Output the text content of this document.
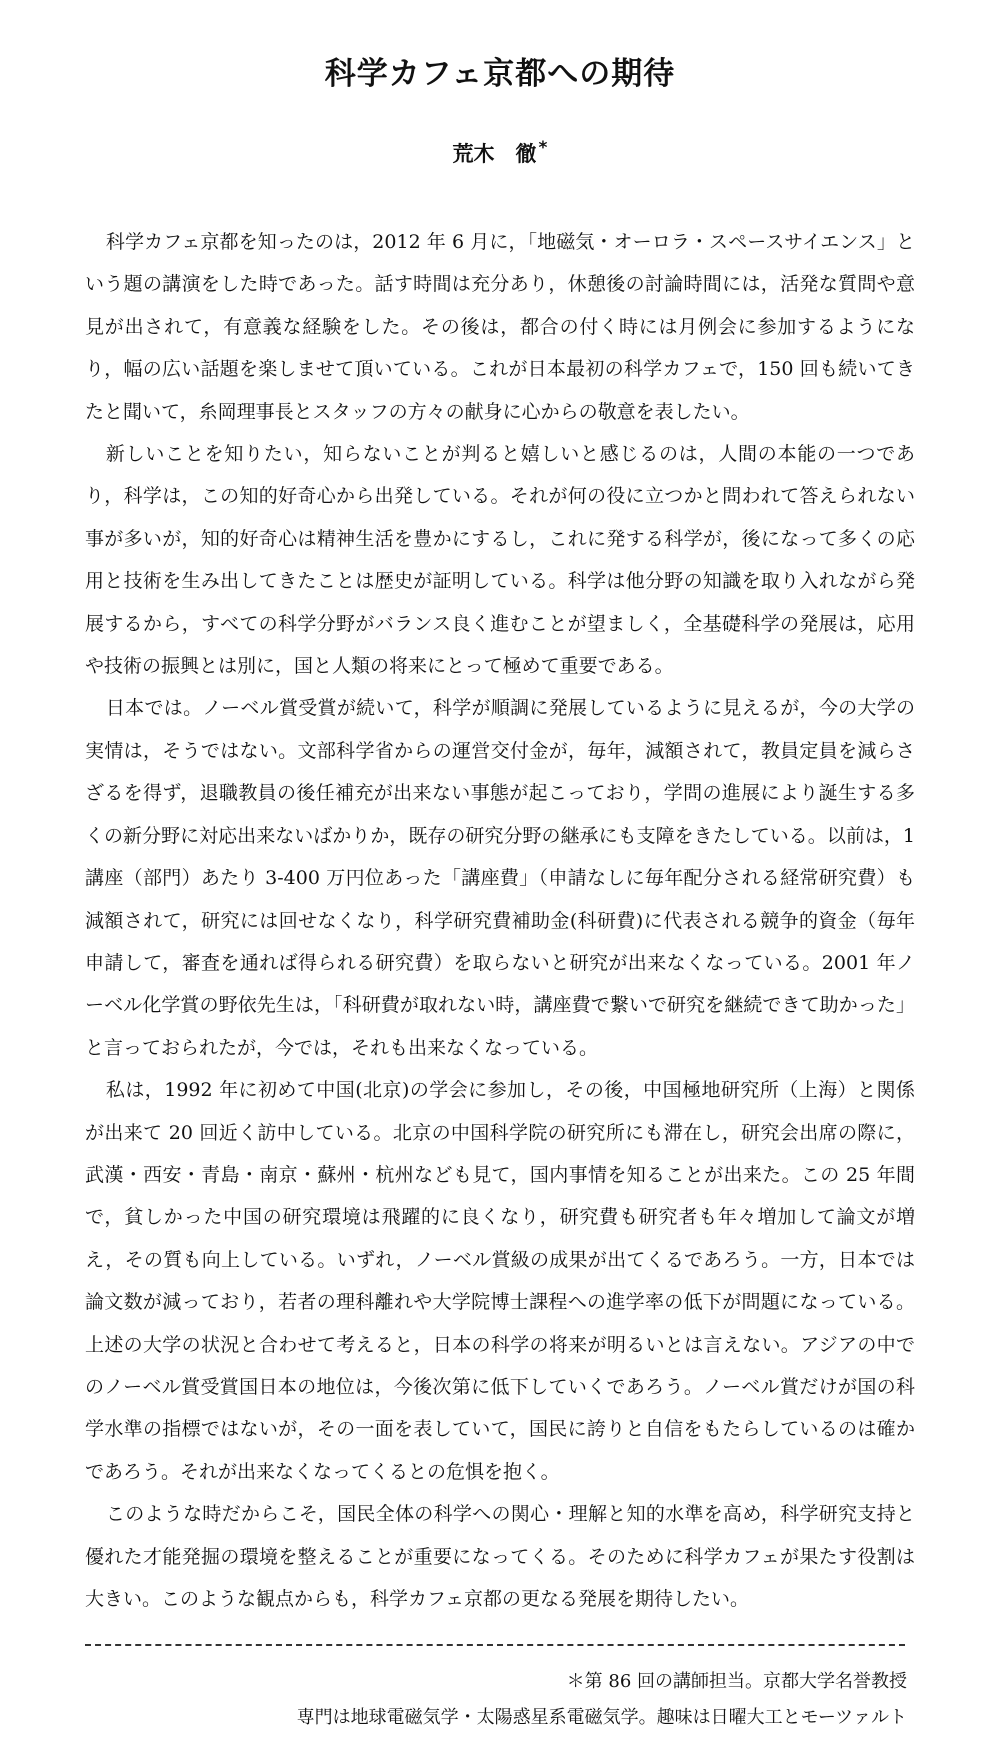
科学カフェ京都への期待
荒木　徹 *

科学カフェ京都を知ったのは，2012 年 6 月に，「地磁気・オーロラ・スペースサイエンス」という題の講演をした時であった。話す時間は充分あり，休憩後の討論時間には，活発な質問や意見が出されて，有意義な経験をした。その後は，都合の付く時には月例会に参加するようになり，幅の広い話題を楽しませて頂いている。これが日本最初の科学カフェで，150 回も続いてきたと聞いて，糸岡理事長とスタッフの方々の献身に心からの敬意を表したい。

新しいことを知りたい，知らないことが判ると嬉しいと感じるのは，人間の本能の一つであり，科学は，この知的好奇心から出発している。それが何の役に立つかと問われて答えられない事が多いが，知的好奇心は精神生活を豊かにするし，これに発する科学が，後になって多くの応用と技術を生み出してきたことは歴史が証明している。科学は他分野の知識を取り入れながら発展するから，すべての科学分野がバランス良く進むことが望ましく，全基礎科学の発展は，応用や技術の振興とは別に，国と人類の将来にとって極めて重要である。

日本では。ノーベル賞受賞が続いて，科学が順調に発展しているように見えるが，今の大学の実情は，そうではない。文部科学省からの運営交付金が，毎年，減額されて，教員定員を減らさざるを得ず，退職教員の後任補充が出来ない事態が起こっており，学問の進展により誕生する多くの新分野に対応出来ないばかりか，既存の研究分野の継承にも支障をきたしている。以前は，1 講座（部門）あたり 3-400 万円位あった「講座費」（申請なしに毎年配分される経常研究費）も減額されて，研究には回せなくなり，科学研究費補助金(科研費)に代表される競争的資金（毎年申請して，審査を通れば得られる研究費）を取らないと研究が出来なくなっている。2001 年ノーベル化学賞の野依先生は，「科研費が取れない時，講座費で繋いで研究を継続できて助かった」と言っておられたが，今では，それも出来なくなっている。

私は，1992 年に初めて中国(北京)の学会に参加し，その後，中国極地研究所（上海）と関係が出来て 20 回近く訪中している。北京の中国科学院の研究所にも滞在し，研究会出席の際に，武漢・西安・青島・南京・蘇州・杭州なども見て，国内事情を知ることが出来た。この 25 年間で，貧しかった中国の研究環境は飛躍的に良くなり，研究費も研究者も年々増加して論文が増え，その質も向上している。いずれ，ノーベル賞級の成果が出てくるであろう。一方，日本では論文数が減っており，若者の理科離れや大学院博士課程への進学率の低下が問題になっている。上述の大学の状況と合わせて考えると，日本の科学の将来が明るいとは言えない。アジアの中でのノーベル賞受賞国日本の地位は，今後次第に低下していくであろう。ノーベル賞だけが国の科学水準の指標ではないが，その一面を表していて，国民に誇りと自信をもたらしているのは確かであろう。それが出来なくなってくるとの危惧を抱く。

このような時だからこそ，国民全体の科学への関心・理解と知的水準を高め，科学研究支持と優れた才能発掘の環境を整えることが重要になってくる。そのために科学カフェが果たす役割は大きい。このような観点からも，科学カフェ京都の更なる発展を期待したい。

＊第 86 回の講師担当。京都大学名誉教授
専門は地球電磁気学・太陽惑星系電磁気学。趣味は日曜大工とモーツァルト
